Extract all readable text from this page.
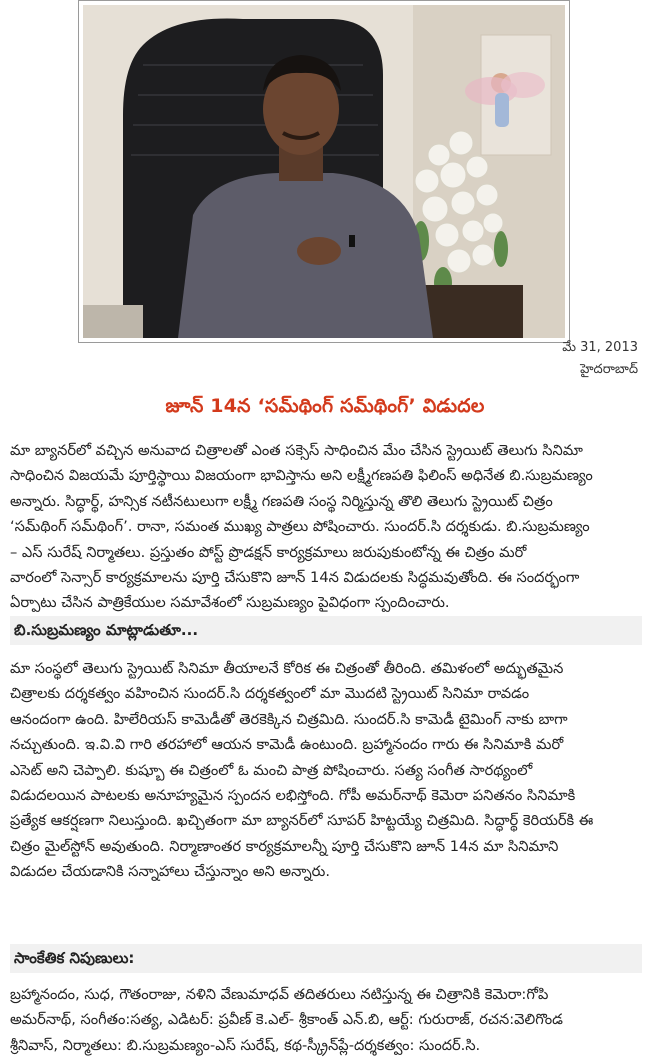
మే 31, 2013
హైదరాబాద్
జూన్ 14న ‘సమ్‌థింగ్ సమ్‌థింగ్’ విడుదల
మా బ్యానర్‌లో వచ్చిన అనువాద చిత్రాలతో ఎంత సక్సెస్ సాధించిన మేం చేసిన స్ట్రెయిట్ తెలుగు సినిమా
సాధించిన విజయమే పూర్తిస్థాయి విజయంగా భావిస్తాను అని లక్ష్మీగణపతి ఫిలింస్ అధినేత బి.సుబ్రమణ్యం
అన్నారు. సిద్ధార్థ్, హన్సిక నటీనటులుగా లక్ష్మీ గణపతి సంస్థ నిర్మిస్తున్న తొలి తెలుగు స్ట్రెయిట్ చిత్రం
‘సమ్‌థింగ్ సమ్‌థింగ్’. రానా, సమంత ముఖ్య పాత్రలు పోషించారు. సుందర్.సి దర్శకుడు. బి.సుబ్రమణ్యం
– ఎస్ సురేష్ నిర్మాతలు. ప్రస్తుతం పోస్ట్ ప్రొడక్షన్ కార్యక్రమాలు జరుపుకుంటోన్న ఈ చిత్రం మరో
వారంలో సెన్సార్ కార్యక్రమాలను పూర్తి చేసుకొని జూన్ 14న విడుదలకు సిద్ధమవుతోంది. ఈ సందర్భంగా
ఏర్పాటు చేసిన పాత్రికేయుల సమావేశంలో సుబ్రమణ్యం పైవిధంగా స్పందించారు.
బి.సుబ్రమణ్యం మాట్లాడుతూ...
మా సంస్థలో తెలుగు స్ట్రెయిట్ సినిమా తీయాలనే కోరిక ఈ చిత్రంతో తీరింది. తమిళంలో అద్భుతమైన
చిత్రాలకు దర్శకత్వం వహించిన సుందర్.సి దర్శకత్వంలో మా మొదటి స్ట్రెయిట్ సినిమా రావడం
ఆనందంగా ఉంది. హిలేరియస్ కామెడీతో తెరకెక్కిన చిత్రమిది. సుందర్.సి కామెడీ టైమింగ్ నాకు బాగా
నచ్చుతుంది. ఇ.వి.వి గారి తరహాలో ఆయన కామెడీ ఉంటుంది. బ్రహ్మానందం గారు ఈ సినిమాకి మరో
ఎసెట్ అని చెప్పాలి. కుష్బూ ఈ చిత్రంలో ఓ మంచి పాత్ర పోషించారు. సత్య సంగీత సారథ్యంలో
విడుదలయిన పాటలకు అనూహ్యమైన స్పందన లభిస్తోంది. గోపీ అమర్‌నాథ్ కెమెరా పనితనం సినిమాకి
ప్రత్యేక ఆకర్షణగా నిలుస్తుంది. ఖచ్చితంగా మా బ్యానర్‌లో సూపర్ హిట్టయ్యే చిత్రమిది. సిద్ధార్థ్ కెరియర్‌కి ఈ
చిత్రం మైల్‌స్టోన్ అవుతుంది. నిర్మాణాంతర కార్యక్రమాలన్నీ పూర్తి చేసుకొని జూన్ 14న మా సినిమాని
విడుదల చేయడానికి సన్నాహాలు చేస్తున్నాం అని అన్నారు.
సాంకేతిక నిపుణులు:
బ్రహ్మానందం, సుధ, గౌతంరాజు, నళిని వేణుమాధవ్ తదితరులు నటిస్తున్న ఈ చిత్రానికి కెమెరా:గోపి
అమర్‌నాథ్, సంగీతం:సత్య, ఎడిటర్: ప్రవీణ్ కె.ఎల్- శ్రీకాంత్ ఎన్.బి, ఆర్ట్: గురురాజ్, రచన:వెలిగొండ
శ్రీనివాస్, నిర్మాతలు: బి.సుబ్రమణ్యం-ఎస్ సురేష్, కథ-స్క్రీన్‌ప్లే-దర్శకత్వం: సుందర్.సి.
